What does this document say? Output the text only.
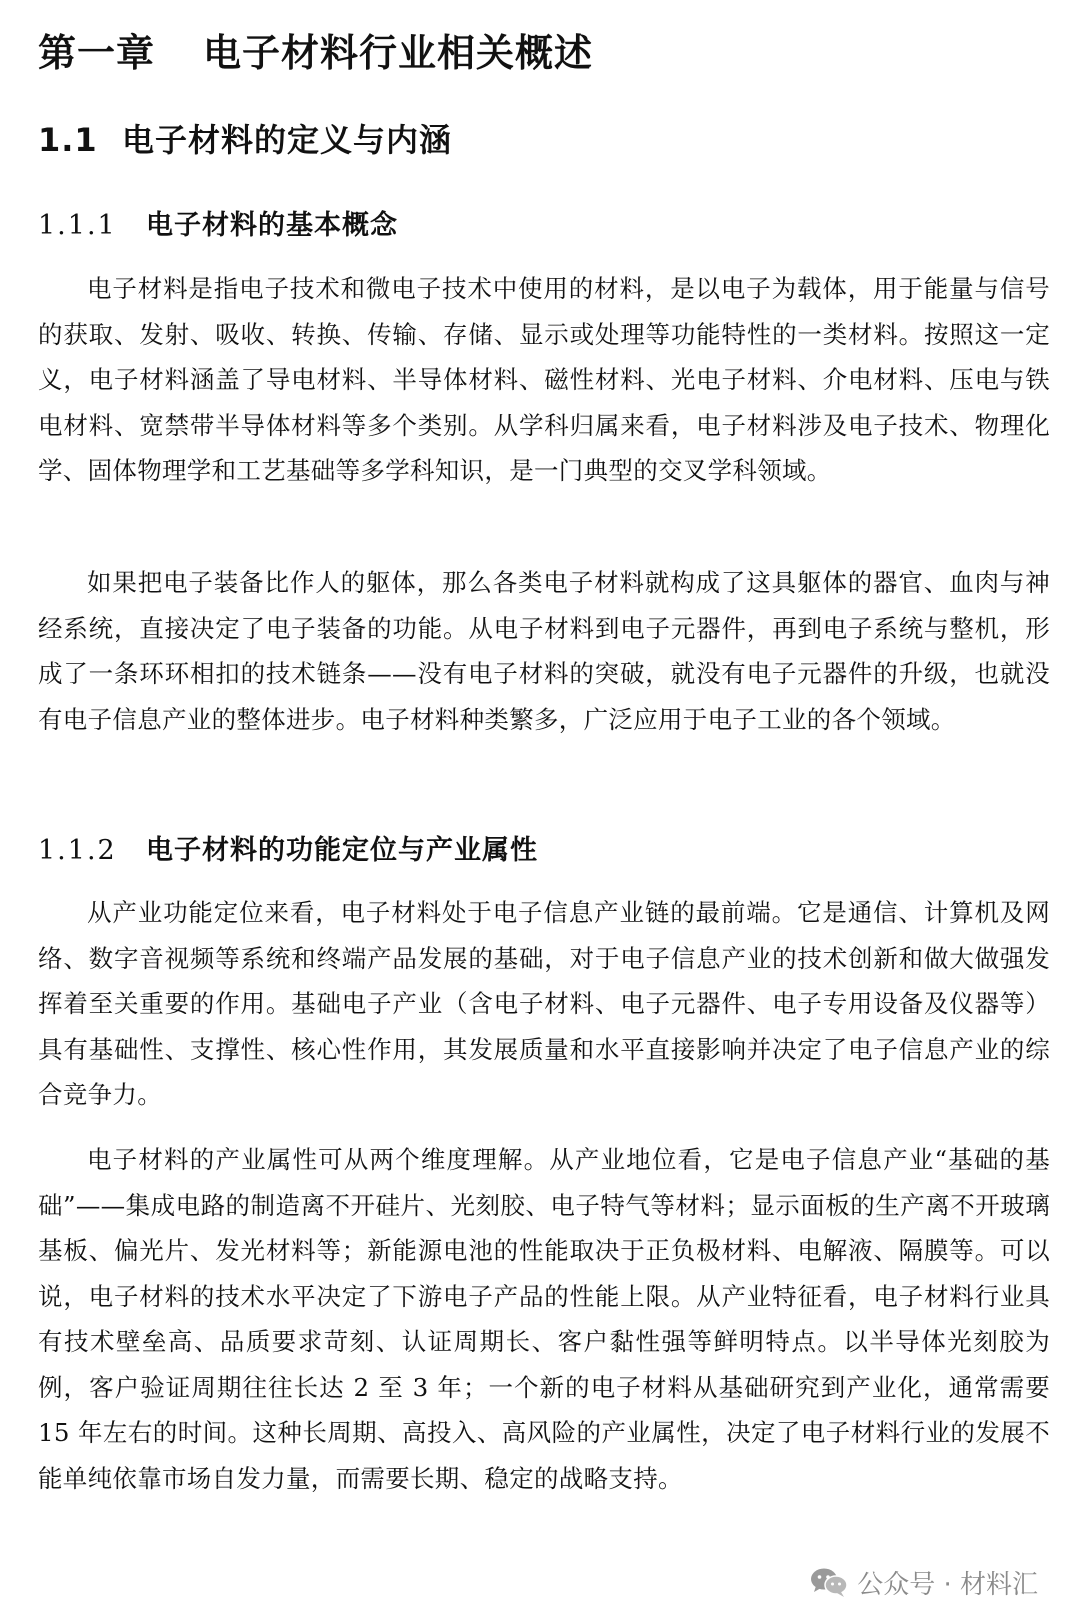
第一章 电子材料行业相关概述
1.1 电子材料的定义与内涵
1.1.1 电子材料的基本概念

电子材料是指电子技术和微电子技术中使用的材料，是以电子为载体，用于能量与信号的获取、发射、吸收、转换、传输、存储、显示或处理等功能特性的一类材料。按照这一定义，电子材料涵盖了导电材料、半导体材料、磁性材料、光电子材料、介电材料、压电与铁电材料、宽禁带半导体材料等多个类别。从学科归属来看，电子材料涉及电子技术、物理化学、固体物理学和工艺基础等多学科知识，是一门典型的交叉学科领域。

如果把电子装备比作人的躯体，那么各类电子材料就构成了这具躯体的器官、血肉与神经系统，直接决定了电子装备的功能。从电子材料到电子元器件，再到电子系统与整机，形成了一条环环相扣的技术链条——没有电子材料的突破，就没有电子元器件的升级，也就没有电子信息产业的整体进步。电子材料种类繁多，广泛应用于电子工业的各个领域。

1.1.2 电子材料的功能定位与产业属性

从产业功能定位来看，电子材料处于电子信息产业链的最前端。它是通信、计算机及网络、数字音视频等系统和终端产品发展的基础，对于电子信息产业的技术创新和做大做强发挥着至关重要的作用。基础电子产业（含电子材料、电子元器件、电子专用设备及仪器等）具有基础性、支撑性、核心性作用，其发展质量和水平直接影响并决定了电子信息产业的综合竞争力。

电子材料的产业属性可从两个维度理解。从产业地位看，它是电子信息产业“基础的基础”——集成电路的制造离不开硅片、光刻胶、电子特气等材料；显示面板的生产离不开玻璃基板、偏光片、发光材料等；新能源电池的性能取决于正负极材料、电解液、隔膜等。可以说，电子材料的技术水平决定了下游电子产品的性能上限。从产业特征看，电子材料行业具有技术壁垒高、品质要求苛刻、认证周期长、客户黏性强等鲜明特点。以半导体光刻胶为例，客户验证周期往往长达 2 至 3 年；一个新的电子材料从基础研究到产业化，通常需要 15 年左右的时间。这种长周期、高投入、高风险的产业属性，决定了电子材料行业的发展不能单纯依靠市场自发力量，而需要长期、稳定的战略支持。

公众号 · 材料汇
